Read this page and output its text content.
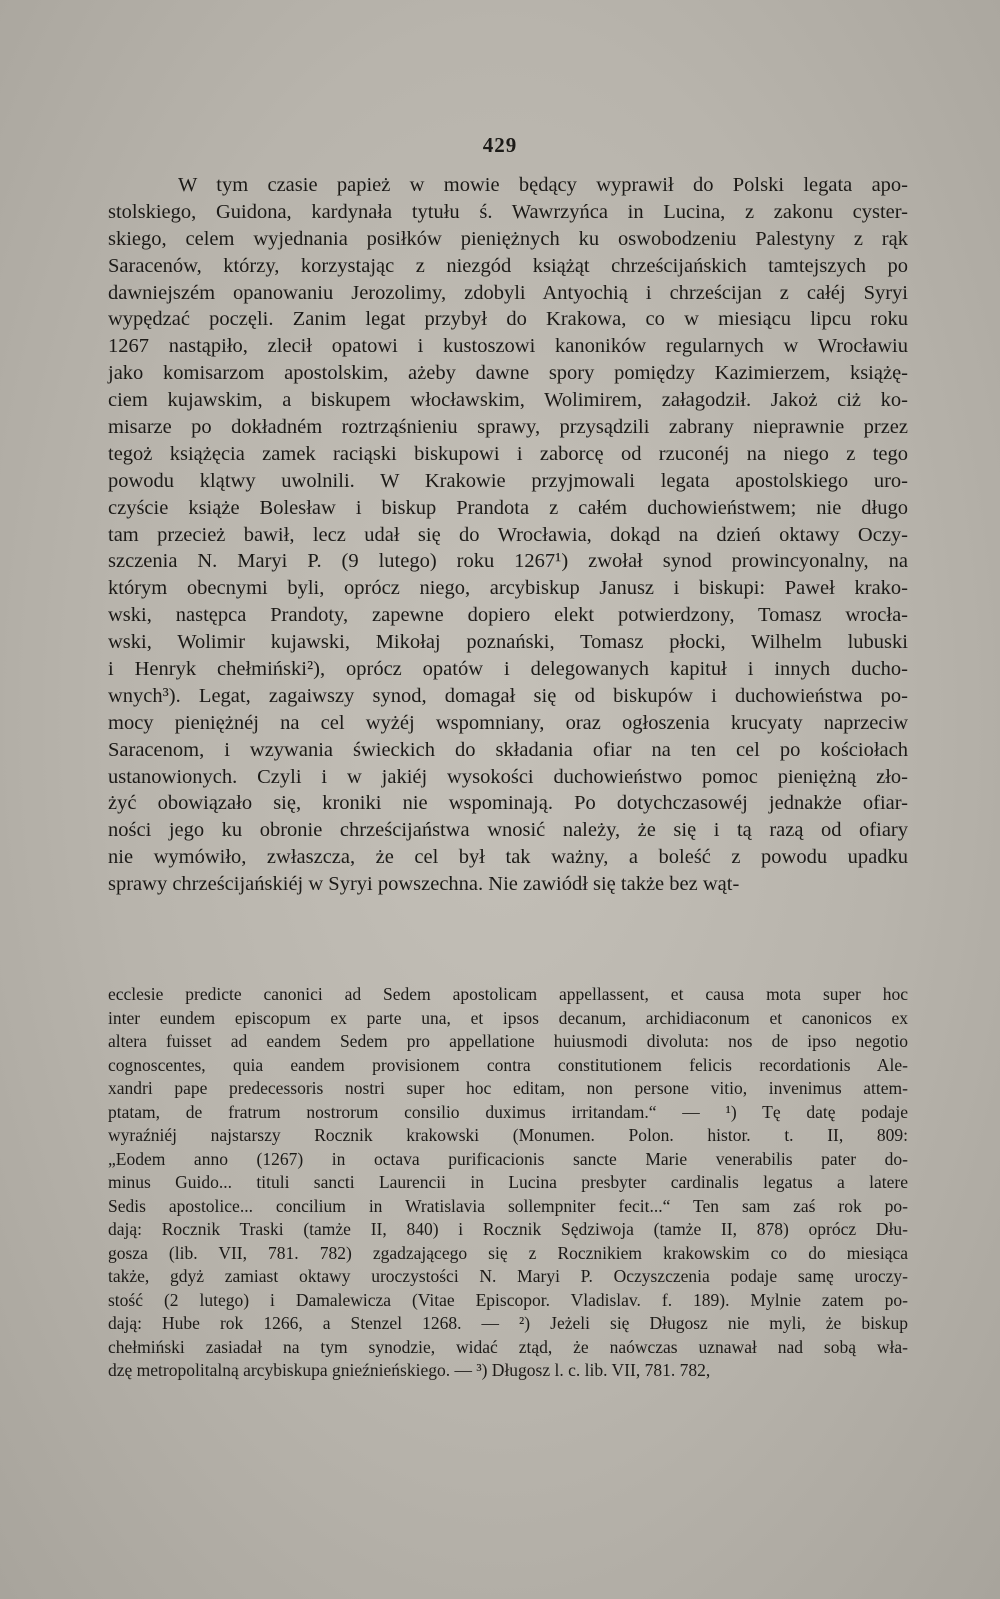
429
W tym czasie papież w mowie będący wyprawił do Polski legata apo-
stolskiego, Guidona, kardynała tytułu ś. Wawrzyńca in Lucina, z zakonu cyster-
skiego, celem wyjednania posiłków pieniężnych ku oswobodzeniu Palestyny z rąk
Saracenów, którzy, korzystając z niezgód książąt chrześcijańskich tamtejszych po
dawniejszém opanowaniu Jerozolimy, zdobyli Antyochią i chrześcijan z całéj Syryi
wypędzać poczęli. Zanim legat przybył do Krakowa, co w miesiącu lipcu roku
1267 nastąpiło, zlecił opatowi i kustoszowi kanoników regularnych w Wrocławiu
jako komisarzom apostolskim, ażeby dawne spory pomiędzy Kazimierzem, książę-
ciem kujawskim, a biskupem włocławskim, Wolimirem, załagodził. Jakoż ciż ko-
misarze po dokładném roztrząśnieniu sprawy, przysądzili zabrany nieprawnie przez
tegoż książęcia zamek raciąski biskupowi i zaborcę od rzuconéj na niego z tego
powodu klątwy uwolnili. W Krakowie przyjmowali legata apostolskiego uro-
czyście książe Bolesław i biskup Prandota z całém duchowieństwem; nie długo
tam przecież bawił, lecz udał się do Wrocławia, dokąd na dzień oktawy Oczy-
szczenia N. Maryi P. (9 lutego) roku 1267¹) zwołał synod prowincyonalny, na
którym obecnymi byli, oprócz niego, arcybiskup Janusz i biskupi: Paweł krako-
wski, następca Prandoty, zapewne dopiero elekt potwierdzony, Tomasz wrocła-
wski, Wolimir kujawski, Mikołaj poznański, Tomasz płocki, Wilhelm lubuski
i Henryk chełmiński²), oprócz opatów i delegowanych kapituł i innych ducho-
wnych³). Legat, zagaiwszy synod, domagał się od biskupów i duchowieństwa po-
mocy pieniężnéj na cel wyżéj wspomniany, oraz ogłoszenia krucyaty naprzeciw
Saracenom, i wzywania świeckich do składania ofiar na ten cel po kościołach
ustanowionych. Czyli i w jakiéj wysokości duchowieństwo pomoc pieniężną zło-
żyć obowiązało się, kroniki nie wspominają. Po dotychczasowéj jednakże ofiar-
ności jego ku obronie chrześcijaństwa wnosić należy, że się i tą razą od ofiary
nie wymówiło, zwłaszcza, że cel był tak ważny, a boleść z powodu upadku
sprawy chrześcijańskiéj w Syryi powszechna. Nie zawiódł się także bez wąt-
ecclesie predicte canonici ad Sedem apostolicam appellassent, et causa mota super hoc
inter eundem episcopum ex parte una, et ipsos decanum, archidiaconum et canonicos ex
altera fuisset ad eandem Sedem pro appellatione huiusmodi divoluta: nos de ipso negotio
cognoscentes, quia eandem provisionem contra constitutionem felicis recordationis Ale-
xandri pape predecessoris nostri super hoc editam, non persone vitio, invenimus attem-
ptatam, de fratrum nostrorum consilio duximus irritandam.“ — ¹) Tę datę podaje
wyraźniéj najstarszy Rocznik krakowski (Monumen. Polon. histor. t. II, 809:
„Eodem anno (1267) in octava purificacionis sancte Marie venerabilis pater do-
minus Guido... tituli sancti Laurencii in Lucina presbyter cardinalis legatus a latere
Sedis apostolice... concilium in Wratislavia sollempniter fecit...“ Ten sam zaś rok po-
dają: Rocznik Traski (tamże II, 840) i Rocznik Sędziwoja (tamże II, 878) oprócz Dłu-
gosza (lib. VII, 781. 782) zgadzającego się z Rocznikiem krakowskim co do miesiąca
także, gdyż zamiast oktawy uroczystości N. Maryi P. Oczyszczenia podaje samę uroczy-
stość (2 lutego) i Damalewicza (Vitae Episcopor. Vladislav. f. 189). Mylnie zatem po-
dają: Hube rok 1266, a Stenzel 1268. — ²) Jeżeli się Długosz nie myli, że biskup
chełmiński zasiadał na tym synodzie, widać ztąd, że naówczas uznawał nad sobą wła-
dzę metropolitalną arcybiskupa gnieźnieńskiego. — ³) Długosz l. c. lib. VII, 781. 782,
